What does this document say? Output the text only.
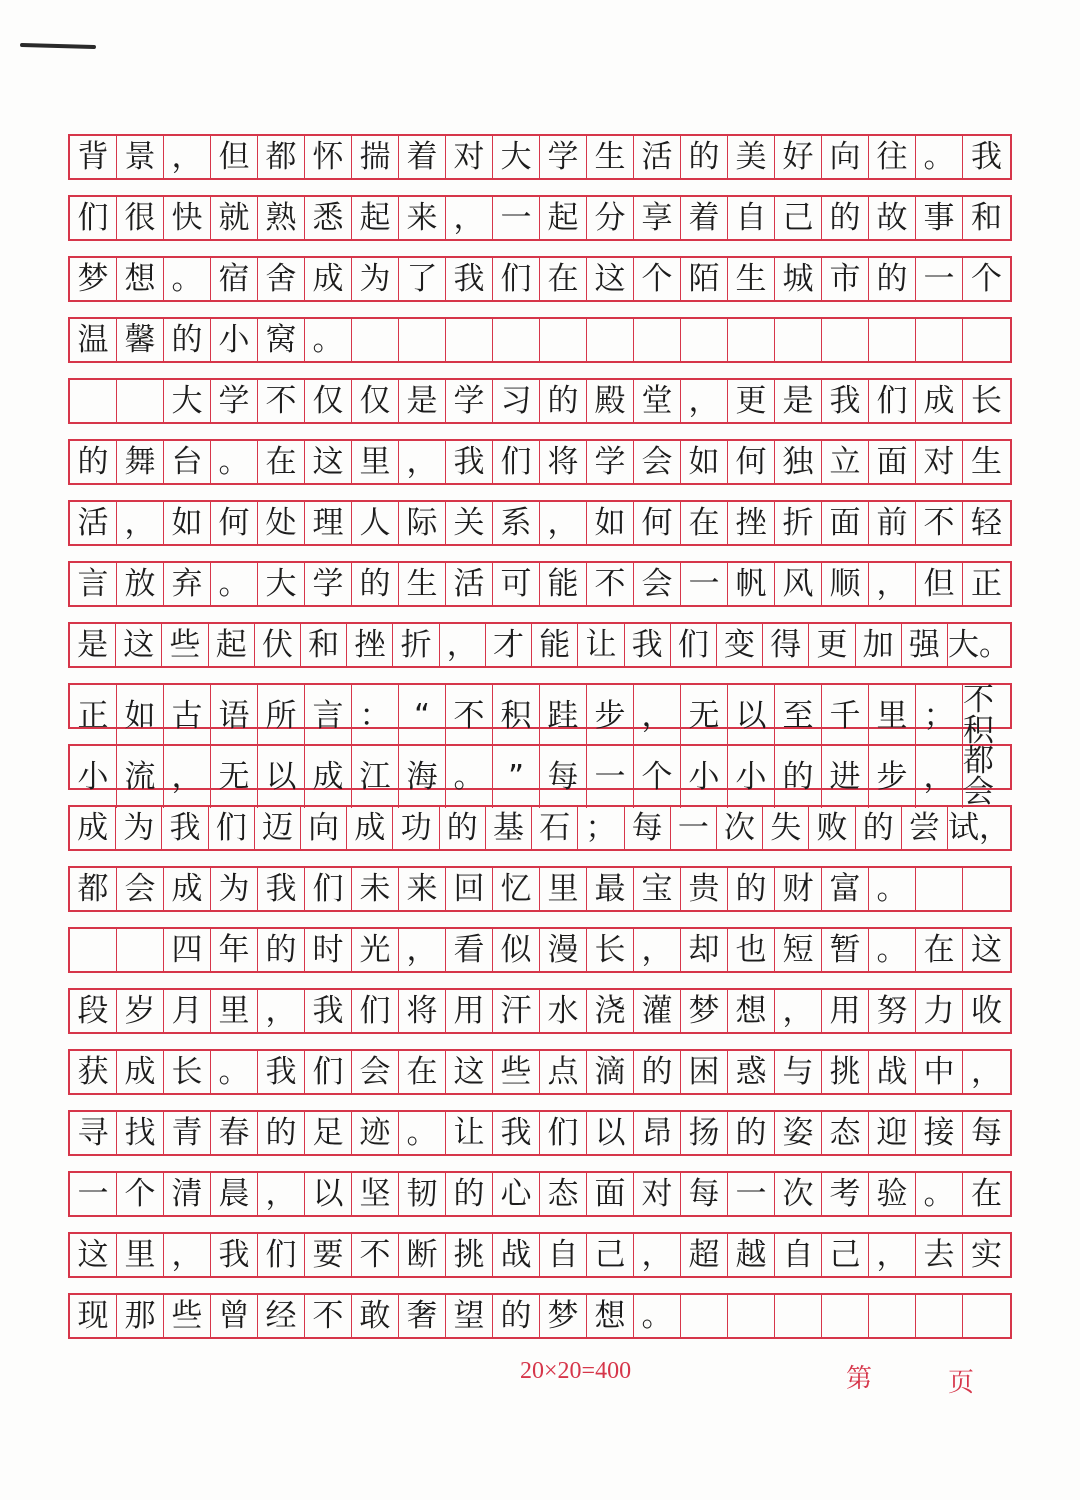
背 景 ， 但 都 怀 揣 着 对 大 学 生 活 的 美 好 向 往 。 我
们 很 快 就 熟 悉 起 来 ， 一 起 分 享 着 自 己 的 故 事 和
梦 想 。 宿 舍 成 为 了 我 们 在 这 个 陌 生 城 市 的 一 个
温 馨 的 小 窝 。
大 学 不 仅 仅 是 学 习 的 殿 堂 ， 更 是 我 们 成 长
的 舞 台 。 在 这 里 ， 我 们 将 学 会 如 何 独 立 面 对 生
活 ， 如 何 处 理 人 际 关 系 ， 如 何 在 挫 折 面 前 不 轻
言 放 弃 。 大 学 的 生 活 可 能 不 会 一 帆 风 顺 ， 但 正
是 这 些 起 伏 和 挫 折 ， 才 能 让 我 们 变 得 更 加 强 大。
正 如 古 语 所 言 ： “ 不 积 跬 步 ， 无 以 至 千 里 ； 不积
小 流 ， 无 以 成 江 海 。 ” 每 一 个 小 小 的 进 步 ， 都会
成 为 我 们 迈 向 成 功 的 基 石 ； 每 一 次 失 败 的 尝 试，
都 会 成 为 我 们 未 来 回 忆 里 最 宝 贵 的 财 富 。
四 年 的 时 光 ， 看 似 漫 长 ， 却 也 短 暂 。 在 这
段 岁 月 里 ， 我 们 将 用 汗 水 浇 灌 梦 想 ， 用 努 力 收
获 成 长 。 我 们 会 在 这 些 点 滴 的 困 惑 与 挑 战 中 ，
寻 找 青 春 的 足 迹 。 让 我 们 以 昂 扬 的 姿 态 迎 接 每
一 个 清 晨 ， 以 坚 韧 的 心 态 面 对 每 一 次 考 验 。 在
这 里 ， 我 们 要 不 断 挑 战 自 己 ， 超 越 自 己 ， 去 实
现 那 些 曾 经 不 敢 奢 望 的 梦 想 。
20×20=400	第	页
